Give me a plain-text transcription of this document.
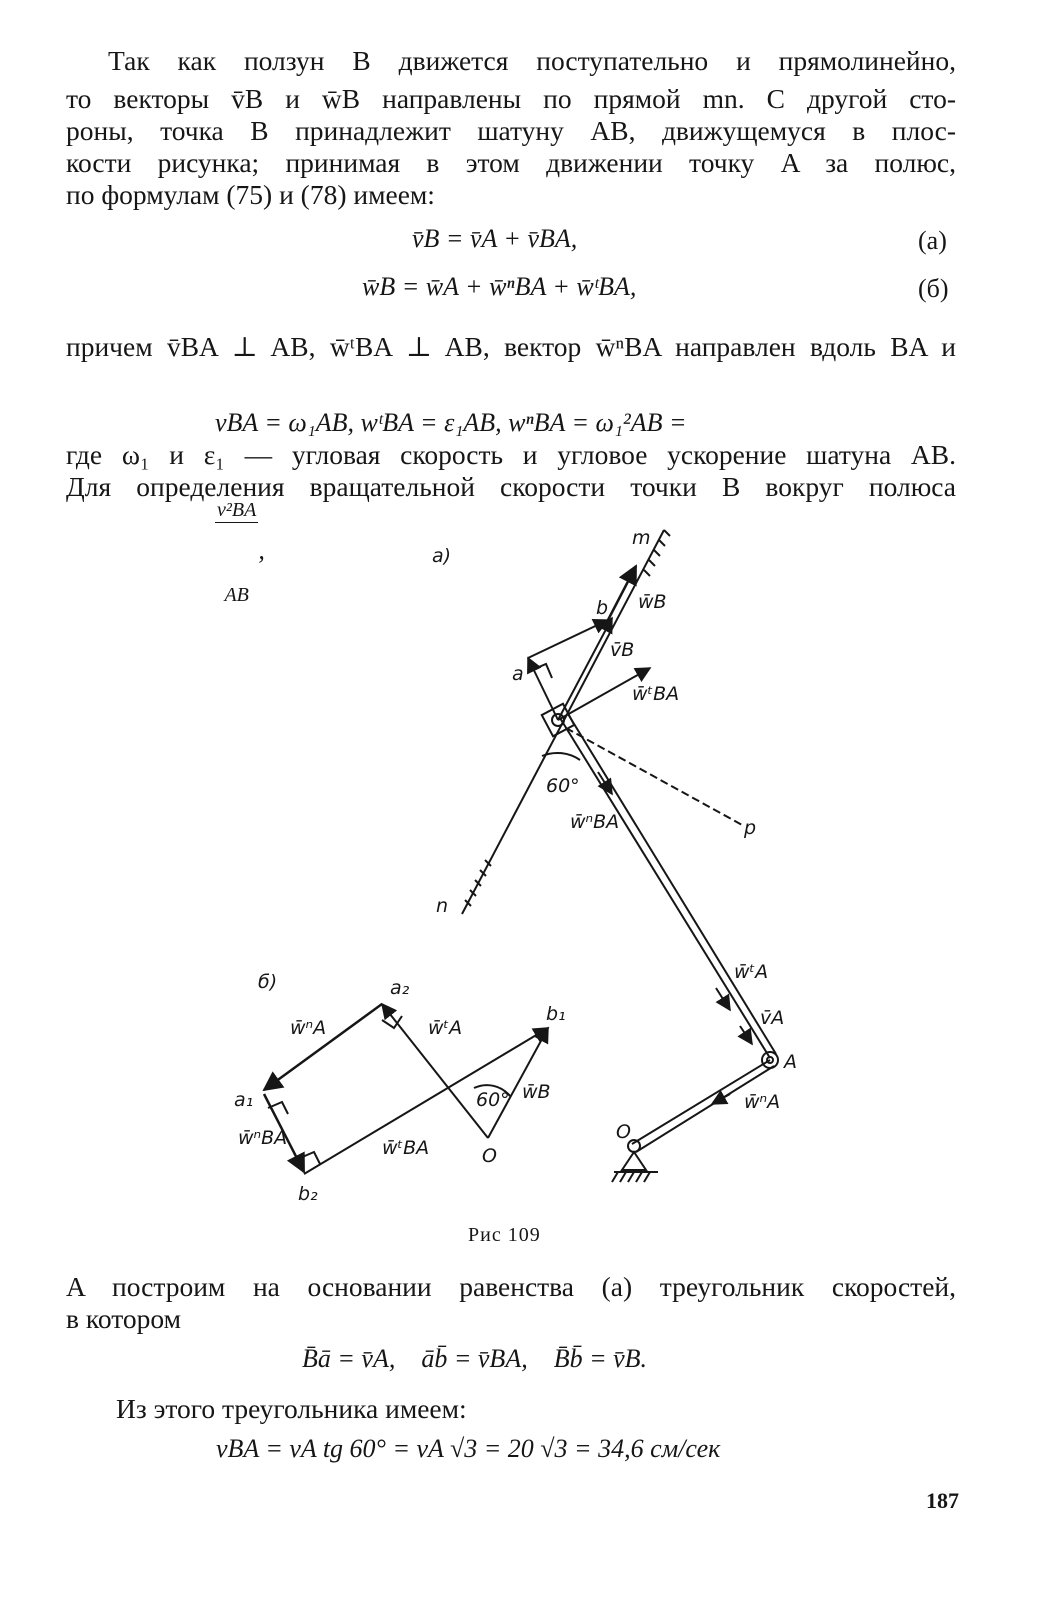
Так как ползун B движется поступательно и прямолинейно,
то векторы v̄B и w̄B направлены по прямой mn. С другой сто-
роны, точка B принадлежит шатуну AB, движущемуся в плос-
кости рисунка; принимая в этом движении точку A за полюс,
по формулам (75) и (78) имеем:
v̄B = v̄A + v̄BA,	(а)
w̄B = w̄A + w̄ⁿBA + w̄ᵗBA,	(б)
причем v̄BA ⊥ AB, w̄ᵗBA ⊥ AB, вектор w̄ⁿBA направлен вдоль BA и

vBA = ω₁AB, wᵗBA = ε₁AB, wⁿBA = ω₁²AB =

$\frac{\text{v²BA}}{AB}$ ,

где ω₁ и ε₁ — угловая скорость и угловое ускорение шатуна AB.
Для определения вращательной скорости точки B вокруг полюса
а)
m
n
p
b
a
w̄B
v̄B
w̄ᵗBA
60°
w̄ⁿBA
w̄ᵗA
v̄A
A
w̄ⁿA
O
б)	a₂
a₁
b₁
b₂
O
w̄ⁿA	w̄ᵗA
w̄ⁿBA	w̄ᵗBA
w̄B
60°
Рис 109
A построим на основании равенства (а) треугольник скоростей,
в котором
B̄ā = v̄A,    āb̄ = v̄BA,    B̄b̄ = v̄B.
Из этого треугольника имеем:
vBA = vA tg 60° = vA √3 = 20 √3 = 34,6 см/сек
187
